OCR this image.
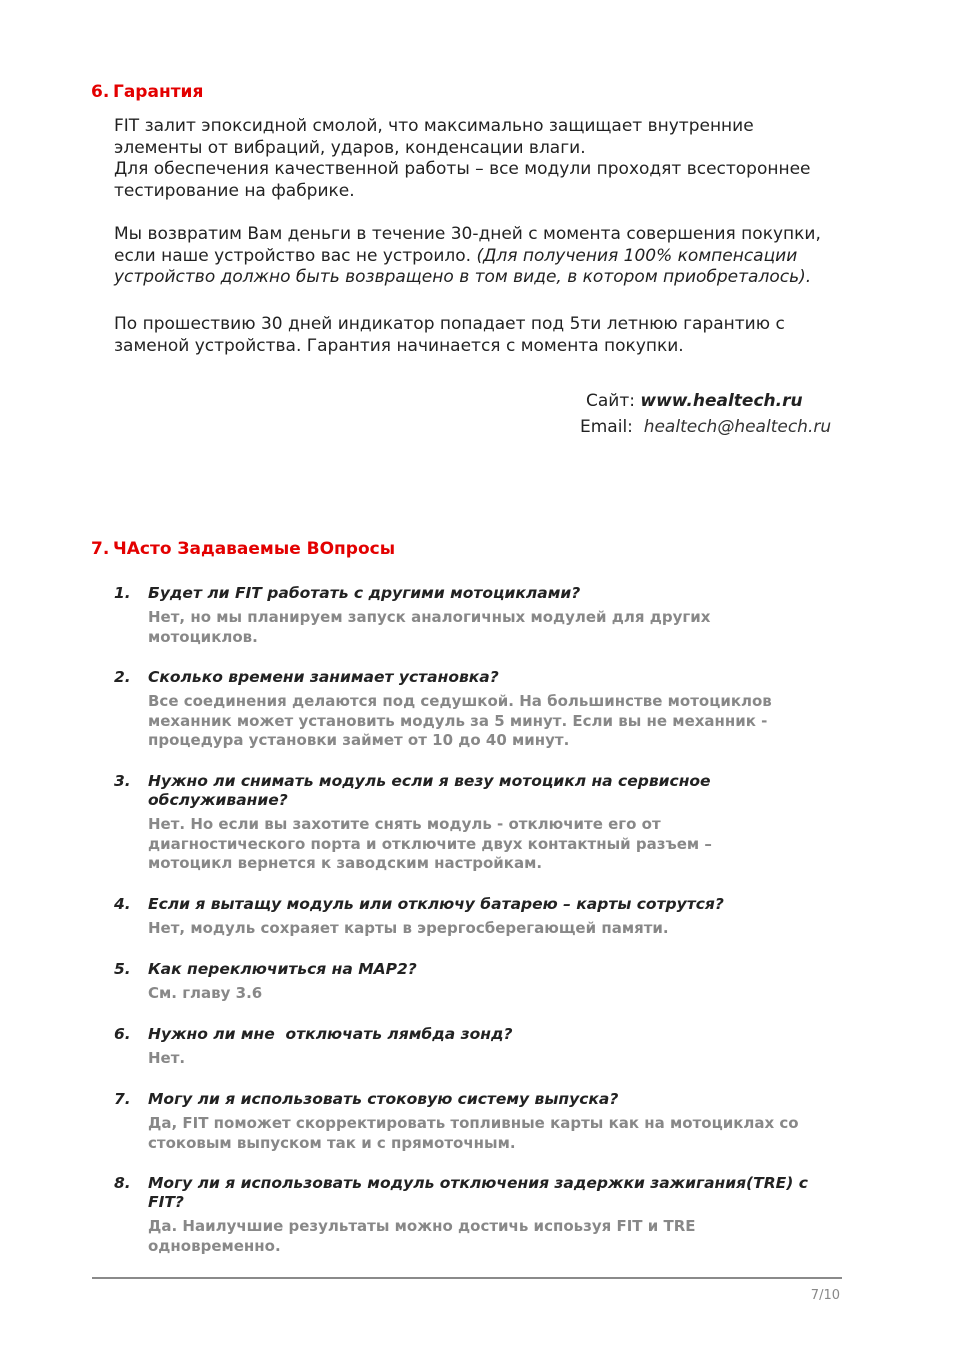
6. Гарантия

FIT залит эпоксидной смолой, что максимально защищает внутренние элементы от вибраций, ударов, конденсации влаги.

Для обеспечения качественной работы – все модули проходят всестороннее тестирование на фабрике.

Мы возвратим Вам деньги в течение 30-дней с момента совершения покупки, если наше устройство вас не устроило. (Для получения 100% компенсации устройство должно быть возвращено в том виде, в котором приобреталось).

По прошествию 30 дней индикатор попадает под 5ти летнюю гарантию с заменой устройства. Гарантия начинается с момента покупки.

Сайт: www.healtech.ru
Email:  healtech@healtech.ru
7. ЧАсто Задаваемые ВОпросы
1. Будет ли FIT работать с другими мотоциклами?
Нет, но мы планируем запуск аналогичных модулей для других мотоциклов.
2. Сколько времени занимает установка?
Все соединения делаются под седушкой. На большинстве мотоциклов механник может установить модуль за 5 минут. Если вы не механник - процедура установки займет от 10 до 40 минут.
3. Нужно ли снимать модуль если я везу мотоцикл на сервисное обслуживание?
Нет. Но если вы захотите снять модуль - отключите его от диагностического порта и отключите двух контактный разъем – мотоцикл вернется к заводским настройкам.
4. Если я вытащу модуль или отключу батарею – карты сотрутся?
Нет, модуль сохраяет карты в эрергосберегающей памяти.
5. Как переключиться на MAP2?
См. главу 3.6
6. Нужно ли мне  отключать лямбда зонд?
Нет.
7. Могу ли я использовать стоковую систему выпуска?
Да, FIT поможет скорректировать топливные карты как на мотоциклах со стоковым выпуском так и с прямоточным.
8. Могу ли я использовать модуль отключения задержки зажигания(TRE) с FIT?
Да. Наилучшие результаты можно достичь испоьзуя FIT и TRE одновременно.
7/10
